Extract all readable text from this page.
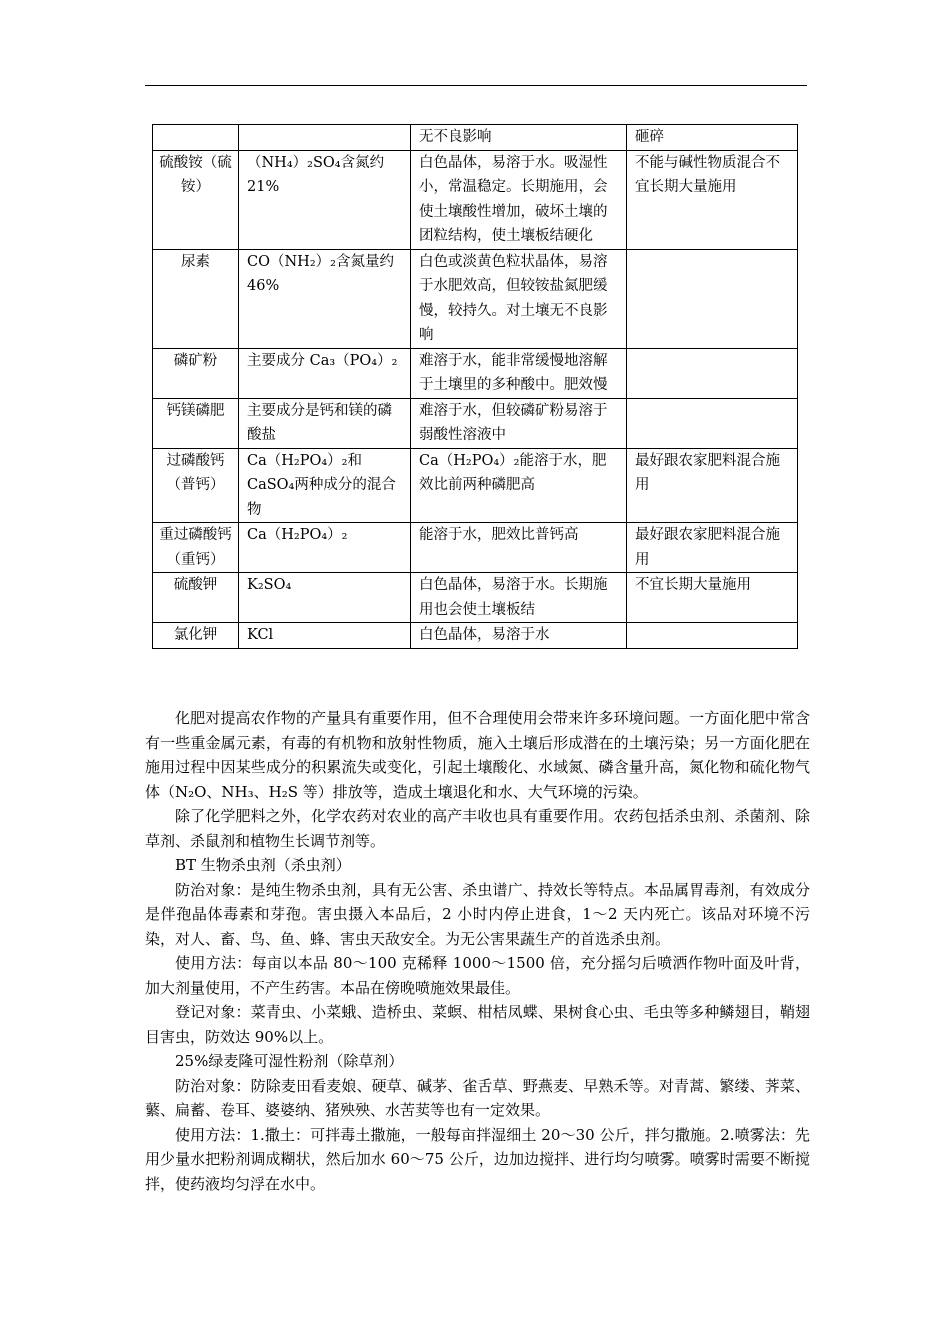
		无不良影响	砸碎
硫酸铵（硫铵）	（NH₄）₂SO₄含氮约 21%	白色晶体，易溶于水。吸湿性小，常温稳定。长期施用，会使土壤酸性增加，破坏土壤的团粒结构，使土壤板结硬化	不能与碱性物质混合不宜长期大量施用
尿素	CO（NH₂）₂含氮量约 46%	白色或淡黄色粒状晶体，易溶于水肥效高，但较铵盐氮肥缓慢，较持久。对土壤无不良影响	
磷矿粉	主要成分 Ca₃（PO₄）₂	难溶于水，能非常缓慢地溶解于土壤里的多种酸中。肥效慢	
钙镁磷肥	主要成分是钙和镁的磷酸盐	难溶于水，但较磷矿粉易溶于弱酸性溶液中	
过磷酸钙（普钙）	Ca（H₂PO₄）₂和 CaSO₄两种成分的混合物	Ca（H₂PO₄）₂能溶于水，肥效比前两种磷肥高	最好跟农家肥料混合施用
重过磷酸钙（重钙）	Ca（H₂PO₄）₂	能溶于水，肥效比普钙高	最好跟农家肥料混合施用
硫酸钾	K₂SO₄	白色晶体，易溶于水。长期施用也会使土壤板结	不宜长期大量施用
氯化钾	KCl	白色晶体，易溶于水	

化肥对提高农作物的产量具有重要作用，但不合理使用会带来许多环境问题。一方面化肥中常含有一些重金属元素，有毒的有机物和放射性物质，施入土壤后形成潜在的土壤污染；另一方面化肥在施用过程中因某些成分的积累流失或变化，引起土壤酸化、水域氮、磷含量升高，氮化物和硫化物气体（N₂O、NH₃、H₂S 等）排放等，造成土壤退化和水、大气环境的污染。

除了化学肥料之外，化学农药对农业的高产丰收也具有重要作用。农药包括杀虫剂、杀菌剂、除草剂、杀鼠剂和植物生长调节剂等。

BT 生物杀虫剂（杀虫剂）

防治对象：是纯生物杀虫剂，具有无公害、杀虫谱广、持效长等特点。本品属胃毒剂，有效成分是伴孢晶体毒素和芽孢。害虫摄入本品后，2 小时内停止进食，1～2 天内死亡。该品对环境不污染，对人、畜、鸟、鱼、蜂、害虫天敌安全。为无公害果蔬生产的首选杀虫剂。

使用方法：每亩以本品 80～100 克稀释 1000～1500 倍，充分摇匀后喷洒作物叶面及叶背，加大剂量使用，不产生药害。本品在傍晚喷施效果最佳。

登记对象：菜青虫、小菜蛾、造桥虫、菜螟、柑桔凤蝶、果树食心虫、毛虫等多种鳞翅目，鞘翅目害虫，防效达 90%以上。

25%绿麦隆可湿性粉剂（除草剂）

防治对象：防除麦田看麦娘、硬草、碱茅、雀舌草、野燕麦、早熟禾等。对青蒿、繁缕、荠菜、蘩、扁蓄、卷耳、婆婆纳、猪殃殃、水苦荬等也有一定效果。

使用方法：1.撒土：可拌毒土撒施，一般每亩拌湿细土 20～30 公斤，拌匀撒施。2.喷雾法：先用少量水把粉剂调成糊状，然后加水 60～75 公斤，边加边搅拌、进行均匀喷雾。喷雾时需要不断搅拌，使药液均匀浮在水中。
